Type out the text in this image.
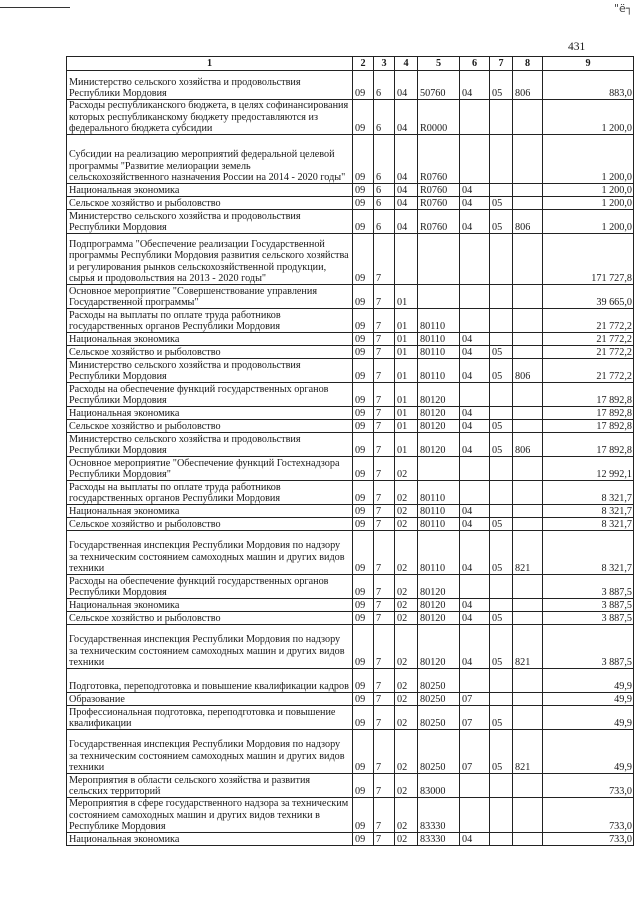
"ё┐
431
1	2	3	4	5	6	7	8	9
Министерство сельского хозяйства и продовольствия Республики Мордовия	09	6	04	50760	04	05	806	883,0
Расходы республиканского бюджета, в целях софинансирования которых республиканскому бюджету предоставляются из федерального бюджета субсидии	09	6	04	R0000				1 200,0
Субсидии на реализацию мероприятий федеральной целевой программы "Развитие мелиорации земель сельскохозяйственного назначения России на 2014 - 2020 годы"	09	6	04	R0760				1 200,0
Национальная экономика	09	6	04	R0760	04			1 200,0
Сельское хозяйство и рыболовство	09	6	04	R0760	04	05		1 200,0
Министерство сельского хозяйства и продовольствия Республики Мордовия	09	6	04	R0760	04	05	806	1 200,0
Подпрограмма "Обеспечение реализации Государственной программы Республики Мордовия развития сельского хозяйства и регулирования рынков сельскохозяйственной продукции, сырья и продовольствия на 2013 - 2020 годы"	09	7						171 727,8
Основное мероприятие "Совершенствование управления Государственной программы"	09	7	01					39 665,0
Расходы на выплаты по оплате труда работников государственных органов Республики Мордовия	09	7	01	80110				21 772,2
Национальная экономика	09	7	01	80110	04			21 772,2
Сельское хозяйство и рыболовство	09	7	01	80110	04	05		21 772,2
Министерство сельского хозяйства и продовольствия Республики Мордовия	09	7	01	80110	04	05	806	21 772,2
Расходы на обеспечение функций государственных органов Республики Мордовия	09	7	01	80120				17 892,8
Национальная экономика	09	7	01	80120	04			17 892,8
Сельское хозяйство и рыболовство	09	7	01	80120	04	05		17 892,8
Министерство сельского хозяйства и продовольствия Республики Мордовия	09	7	01	80120	04	05	806	17 892,8
Основное мероприятие "Обеспечение функций Гостехнадзора Республики Мордовия"	09	7	02					12 992,1
Расходы на выплаты по оплате труда работников государственных органов Республики Мордовия	09	7	02	80110				8 321,7
Национальная экономика	09	7	02	80110	04			8 321,7
Сельское хозяйство и рыболовство	09	7	02	80110	04	05		8 321,7
Государственная инспекция Республики Мордовия по надзору за техническим состоянием самоходных машин и других видов техники	09	7	02	80110	04	05	821	8 321,7
Расходы на обеспечение функций государственных органов Республики Мордовия	09	7	02	80120				3 887,5
Национальная экономика	09	7	02	80120	04			3 887,5
Сельское хозяйство и рыболовство	09	7	02	80120	04	05		3 887,5
Государственная инспекция Республики Мордовия по надзору за техническим состоянием самоходных машин и других видов техники	09	7	02	80120	04	05	821	3 887,5
Подготовка, переподготовка и повышение квалификации кадров	09	7	02	80250				49,9
Образование	09	7	02	80250	07			49,9
Профессиональная подготовка, переподготовка и повышение квалификации	09	7	02	80250	07	05		49,9
Государственная инспекция Республики Мордовия по надзору за техническим состоянием самоходных машин и других видов техники	09	7	02	80250	07	05	821	49,9
Мероприятия в области сельского хозяйства и развития сельских территорий	09	7	02	83000				733,0
Мероприятия в сфере государственного надзора за техническим состоянием самоходных машин и других видов техники в Республике Мордовия	09	7	02	83330				733,0
Национальная экономика	09	7	02	83330	04			733,0
